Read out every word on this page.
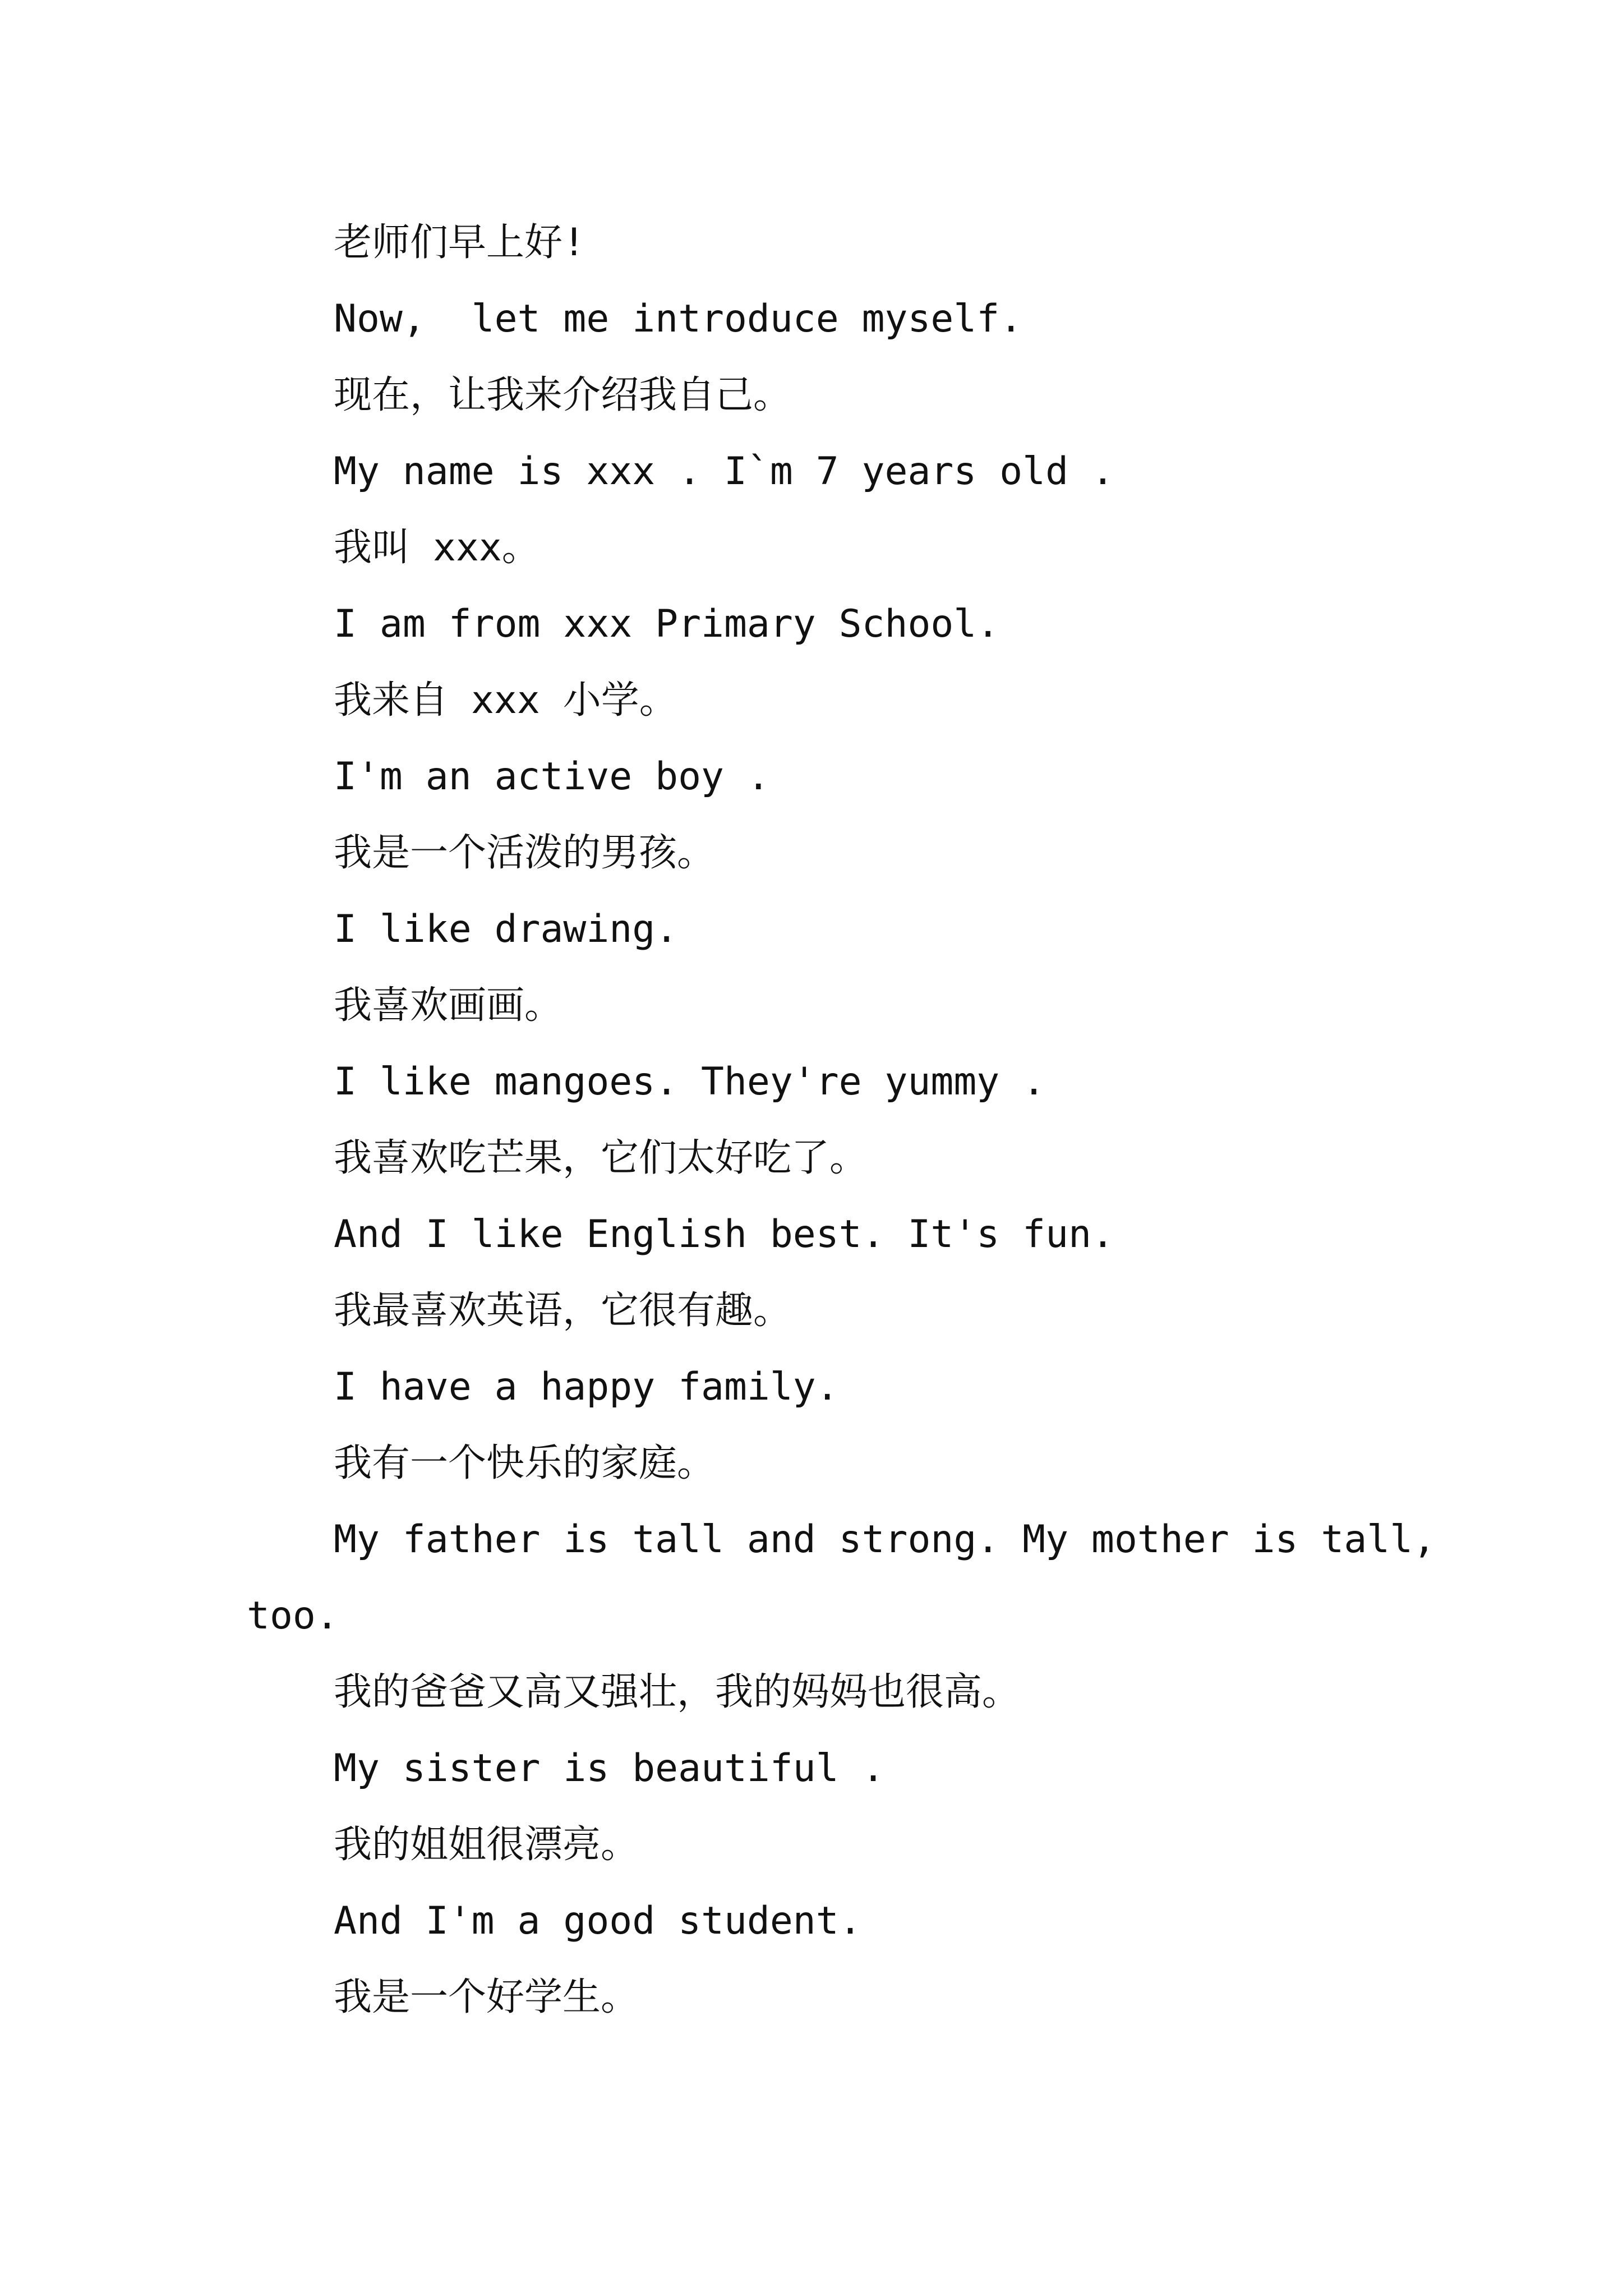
老师们早上好!
Now,  let me introduce myself.
现在，让我来介绍我自己。
My name is xxx . I`m 7 years old .
我叫 xxx。
I am from xxx Primary School.
我来自 xxx 小学。
I'm an active boy .
我是一个活泼的男孩。
I like drawing.
我喜欢画画。
I like mangoes. They're yummy .
我喜欢吃芒果，它们太好吃了。
And I like English best. It's fun.
我最喜欢英语，它很有趣。
I have a happy family.
我有一个快乐的家庭。
My father is tall and strong. My mother is tall,
too.
我的爸爸又高又强壮，我的妈妈也很高。
My sister is beautiful .
我的姐姐很漂亮。
And I'm a good student.
我是一个好学生。
